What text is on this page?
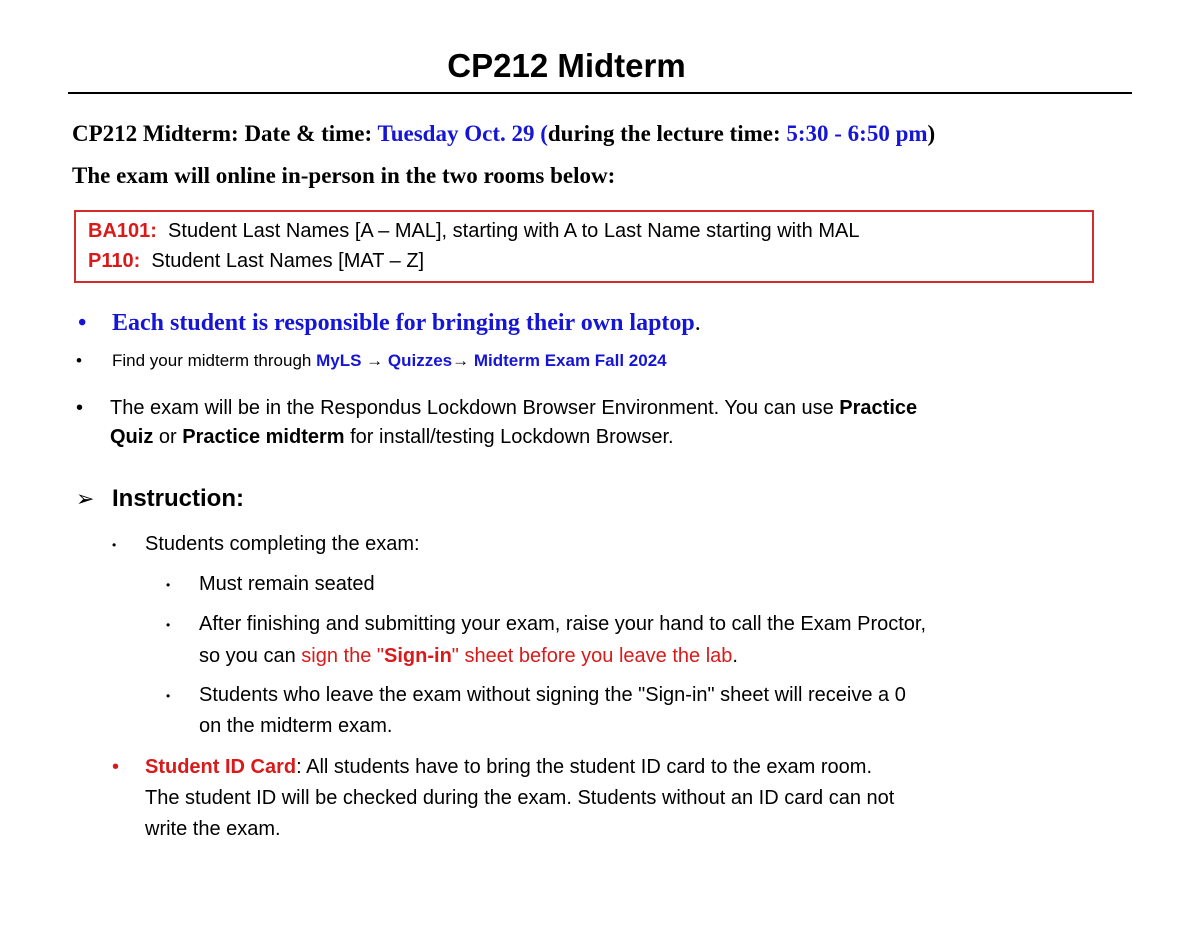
CP212 Midterm
CP212 Midterm: Date & time: Tuesday Oct. 29 (during the lecture time: 5:30 - 6:50 pm)
The exam will online in-person in the two rooms below:
BA101: Student Last Names [A – MAL], starting with A to Last Name starting with MAL
P110: Student Last Names [MAT – Z]
• Each student is responsible for bringing their own laptop.
• Find your midterm through MyLS → Quizzes→ Midterm Exam Fall 2024
• The exam will be in the Respondus Lockdown Browser Environment. You can use Practice
Quiz or Practice midterm for install/testing Lockdown Browser.
➢ Instruction:
• Students completing the exam:
• Must remain seated
• After finishing and submitting your exam, raise your hand to call the Exam Proctor,
so you can sign the "Sign-in" sheet before you leave the lab.
• Students who leave the exam without signing the "Sign-in" sheet will receive a 0
on the midterm exam.
• Student ID Card: All students have to bring the student ID card to the exam room.
The student ID will be checked during the exam. Students without an ID card can not
write the exam.
